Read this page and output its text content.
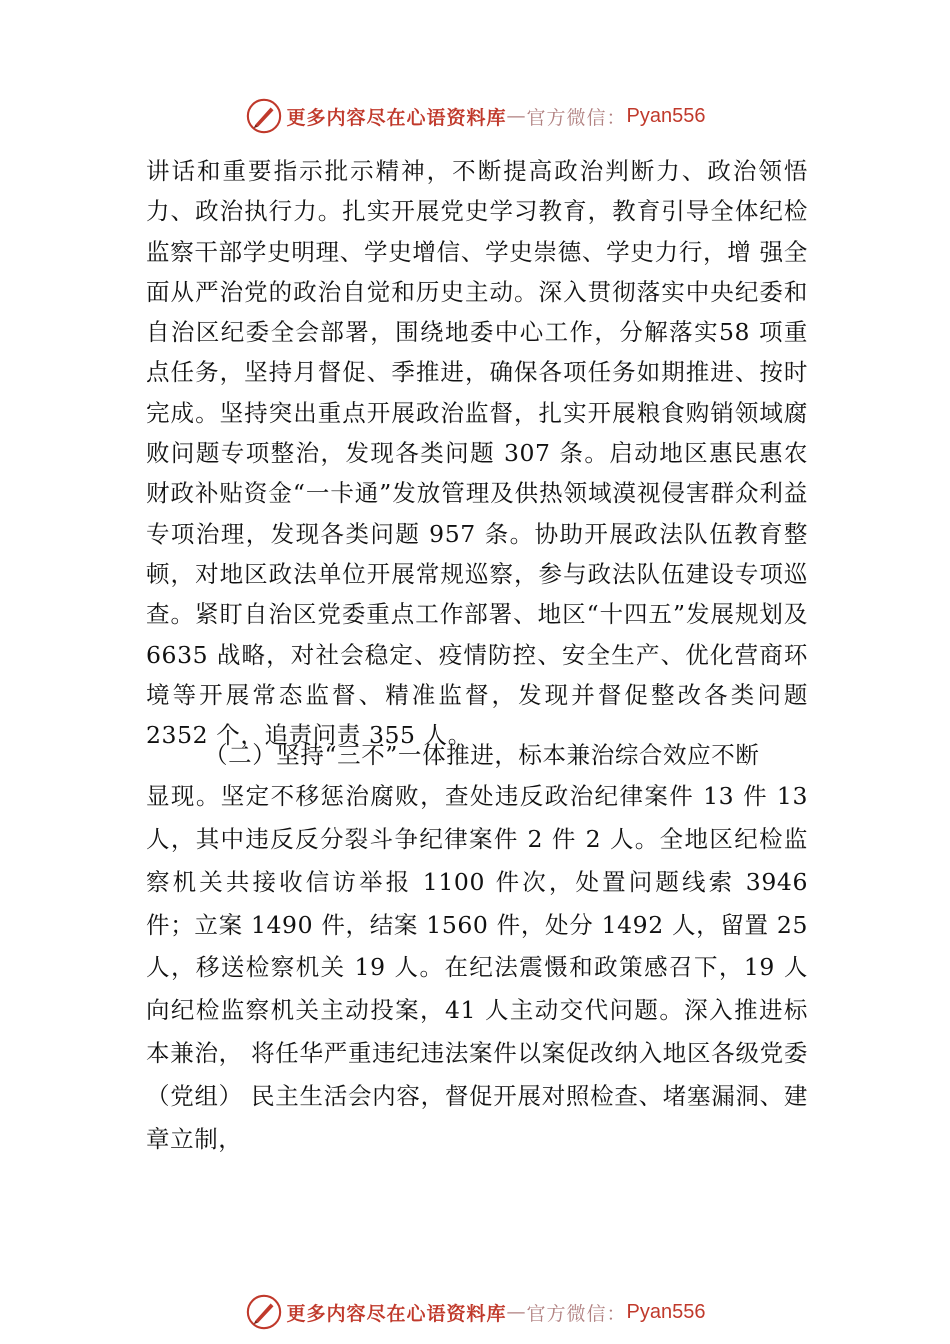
更多内容尽在心语资料库 — 官方微信： Pyan556

讲话和重要指示批示精神，不断提高政治判断力、政治领悟力、政治执行力。扎实开展党史学习教育，教育引导全体纪检监察干部学史明理、学史增信、学史崇德、学史力行，增 强全面从严治党的政治自觉和历史主动。深入贯彻落实中央纪委和自治区纪委全会部署，围绕地委中心工作，分解落实58 项重点任务，坚持月督促、季推进，确保各项任务如期推进、按时完成。坚持突出重点开展政治监督，扎实开展粮食购销领域腐败问题专项整治，发现各类问题 307 条。启动地区惠民惠农财政补贴资金“一卡通”发放管理及供热领域漠视侵害群众利益专项治理，发现各类问题 957 条。协助开展政法队伍教育整顿，对地区政法单位开展常规巡察，参与政法队伍建设专项巡查。紧盯自治区党委重点工作部署、地区“十四五”发展规划及 6635 战略，对社会稳定、疫情防控、安全生产、优化营商环境等开展常态监督、精准监督，发现并督促整改各类问题 2352 个，追责问责 355 人。

（二）坚持“三不”一体推进，标本兼治综合效应不断

显现。坚定不移惩治腐败，查处违反政治纪律案件 13 件 13 人，其中违反反分裂斗争纪律案件 2 件 2 人。全地区纪检监察机关共接收信访举报 1100 件次，处置问题线索 3946 件；立案 1490 件，结案 1560 件，处分 1492 人，留置 25 人，移送检察机关 19 人。在纪法震慑和政策感召下，19 人向纪检监察机关主动投案，41 人主动交代问题。深入推进标本兼治， 将任华严重违纪违法案件以案促改纳入地区各级党委（党组） 民主生活会内容，督促开展对照检查、堵塞漏洞、建章立制，

更多内容尽在心语资料库 — 官方微信： Pyan556
